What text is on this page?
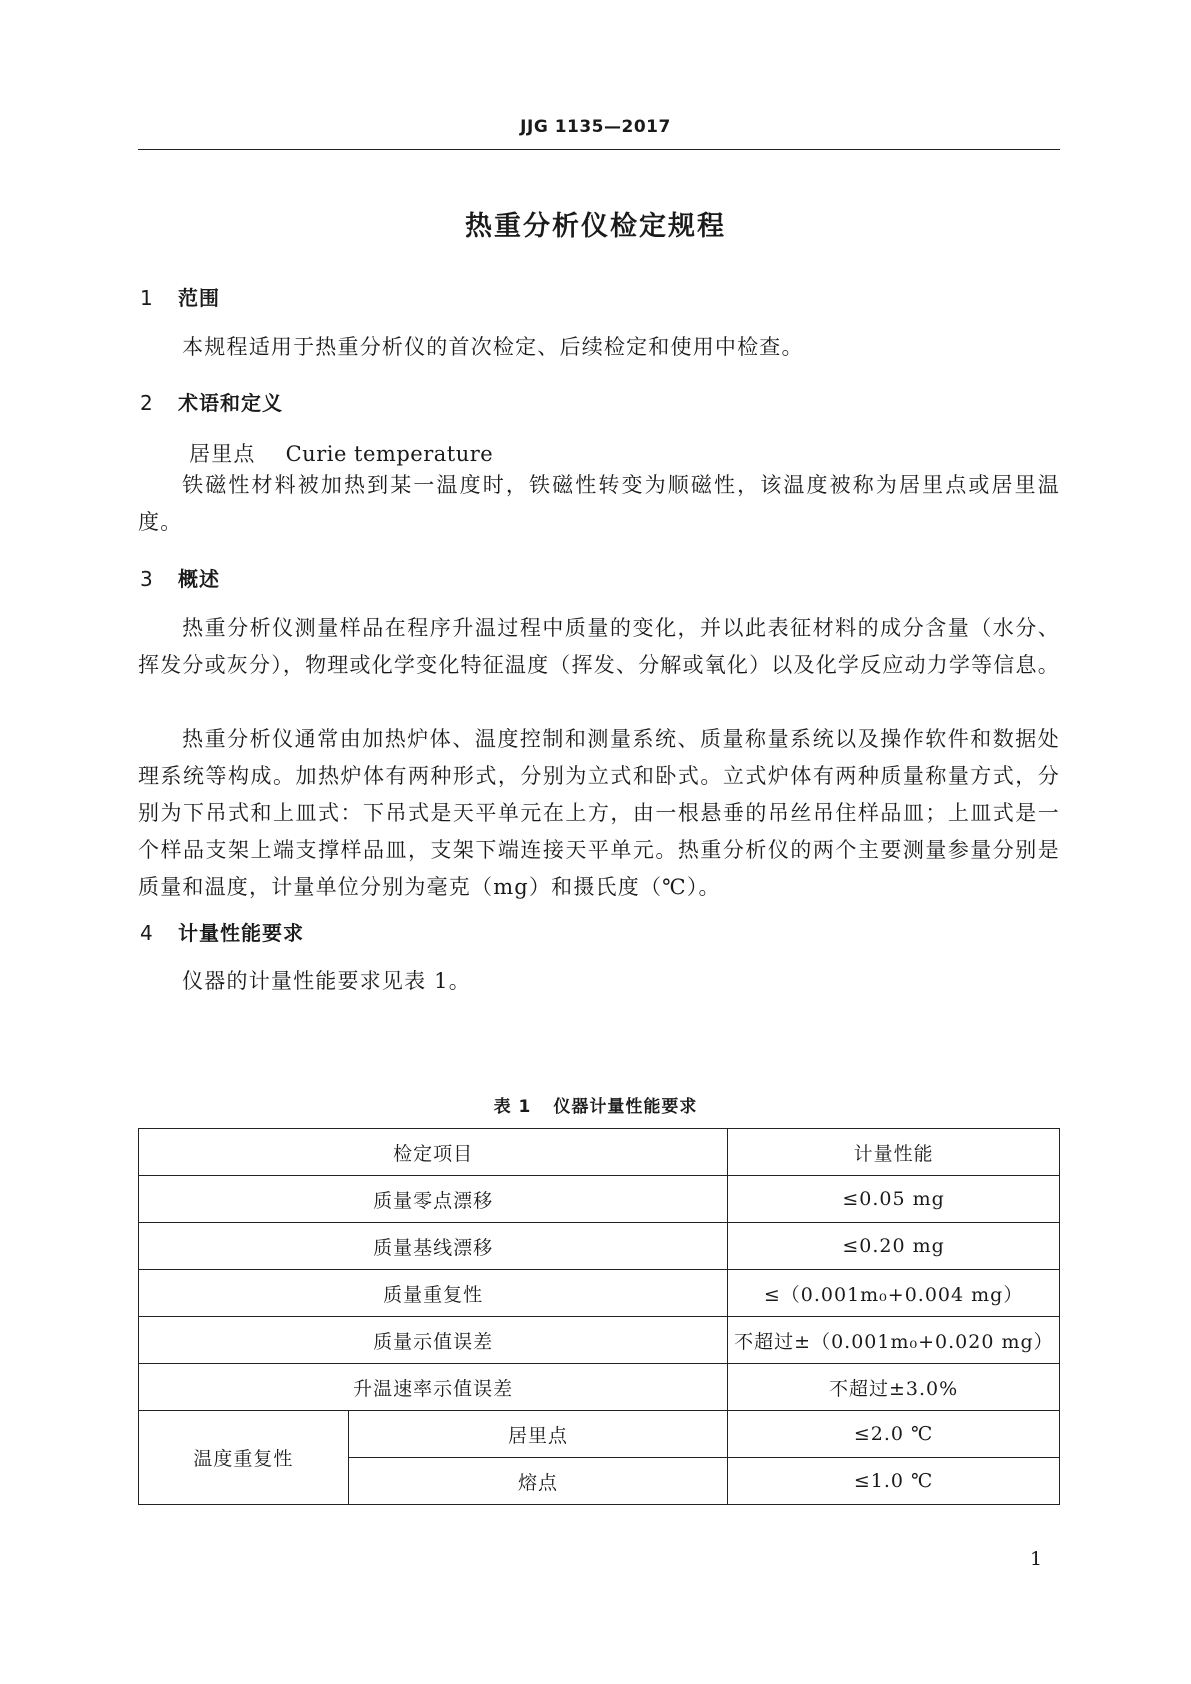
JJG 1135—2017
热重分析仪检定规程
1 范围

本规程适用于热重分析仪的首次检定、后续检定和使用中检查。

2 术语和定义
居里点 Curie temperature

铁磁性材料被加热到某一温度时，铁磁性转变为顺磁性，该温度被称为居里点或居里温度。

3 概述

热重分析仪测量样品在程序升温过程中质量的变化，并以此表征材料的成分含量（水分、挥发分或灰分），物理或化学变化特征温度（挥发、分解或氧化）以及化学反应动力学等信息。

热重分析仪通常由加热炉体、温度控制和测量系统、质量称量系统以及操作软件和数据处理系统等构成。加热炉体有两种形式，分别为立式和卧式。立式炉体有两种质量称量方式，分别为下吊式和上皿式：下吊式是天平单元在上方，由一根悬垂的吊丝吊住样品皿；上皿式是一个样品支架上端支撑样品皿，支架下端连接天平单元。热重分析仪的两个主要测量参量分别是质量和温度，计量单位分别为毫克（mg）和摄氏度（℃）。

4 计量性能要求

仪器的计量性能要求见表 1。

表 1 仪器计量性能要求
检定项目		计量性能
质量零点漂移		≤0.05 mg
质量基线漂移		≤0.20 mg
质量重复性		≤（0.001m₀+0.004 mg）
质量示值误差		不超过±（0.001m₀+0.020 mg）
升温速率示值误差		不超过±3.0%
温度重复性	居里点	≤2.0 ℃
	熔点	≤1.0 ℃
1
